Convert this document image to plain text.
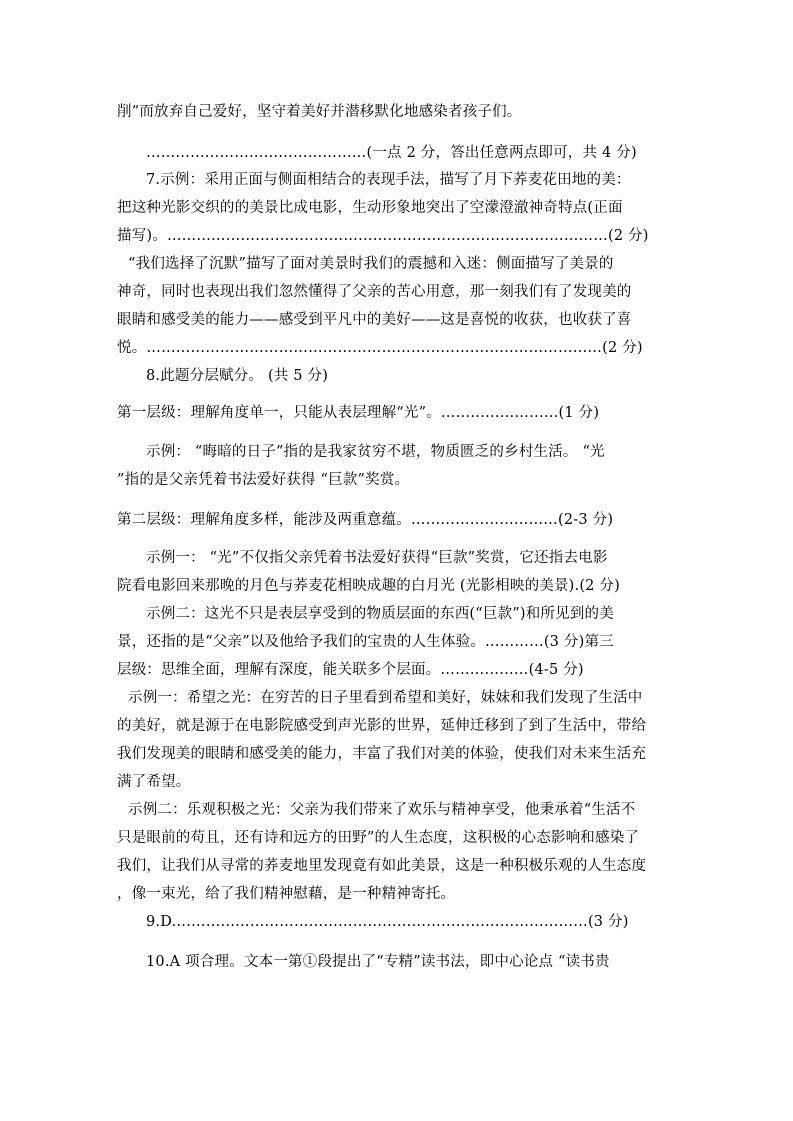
削”而放弃自己爱好，坚守着美好并潜移默化地感染者孩子们。
………………………………………(一点 2 分，答出任意两点即可，共 4 分)
7.示例：采用正面与侧面相结合的表现手法，描写了月下荞麦花田地的美：
把这种光影交织的的美景比成电影，生动形象地突出了空濛澄澈神奇特点(正面
描写)。………………………………………………………………………………(2 分)
“我们选择了沉默”描写了面对美景时我们的震撼和入迷：侧面描写了美景的
神奇，同时也表现出我们忽然懂得了父亲的苦心用意，那一刻我们有了发现美的
眼睛和感受美的能力——感受到平凡中的美好——这是喜悦的收获，也收获了喜
悦。…………………………………………………………………………………(2 分)
8.此题分层赋分。 (共 5 分)
第一层级：理解角度单一，只能从表层理解“光”。……………………(1 分)
示例： “晦暗的日子”指的是我家贫穷不堪，物质匮乏的乡村生活。 “光
”指的是父亲凭着书法爱好获得 “巨款”奖赏。
第二层级：理解角度多样，能涉及两重意蕴。…………………………(2-3 分)
示例一： “光”不仅指父亲凭着书法爱好获得“巨款”奖赏，它还指去电影
院看电影回来那晚的月色与荞麦花相映成趣的白月光 (光影相映的美景).(2 分)
示例二：这光不只是表层享受到的物质层面的东西(“巨款”)和所见到的美
景，还指的是“父亲”以及他给予我们的宝贵的人生体验。…………(3 分)第三
层级：思维全面，理解有深度，能关联多个层面。………………(4-5 分)
示例一：希望之光：在穷苦的日子里看到希望和美好，妹妹和我们发现了生活中
的美好，就是源于在电影院感受到声光影的世界，延伸迁移到了到了生活中，带给
我们发现美的眼睛和感受美的能力，丰富了我们对美的体验，使我们对未来生活充
满了希望。
示例二：乐观积极之光：父亲为我们带来了欢乐与精神享受，他秉承着“生活不
只是眼前的苟且，还有诗和远方的田野”的人生态度，这积极的心态影响和感染了
我们，让我们从寻常的荞麦地里发现竟有如此美景，这是一种积极乐观的人生态度
，像一束光，给了我们精神慰藉，是一种精神寄托。
9.D.…………………………………………………………………………(3 分)
10.A 项合理。文本一第①段提出了“专精”读书法，即中心论点 “读书贵
